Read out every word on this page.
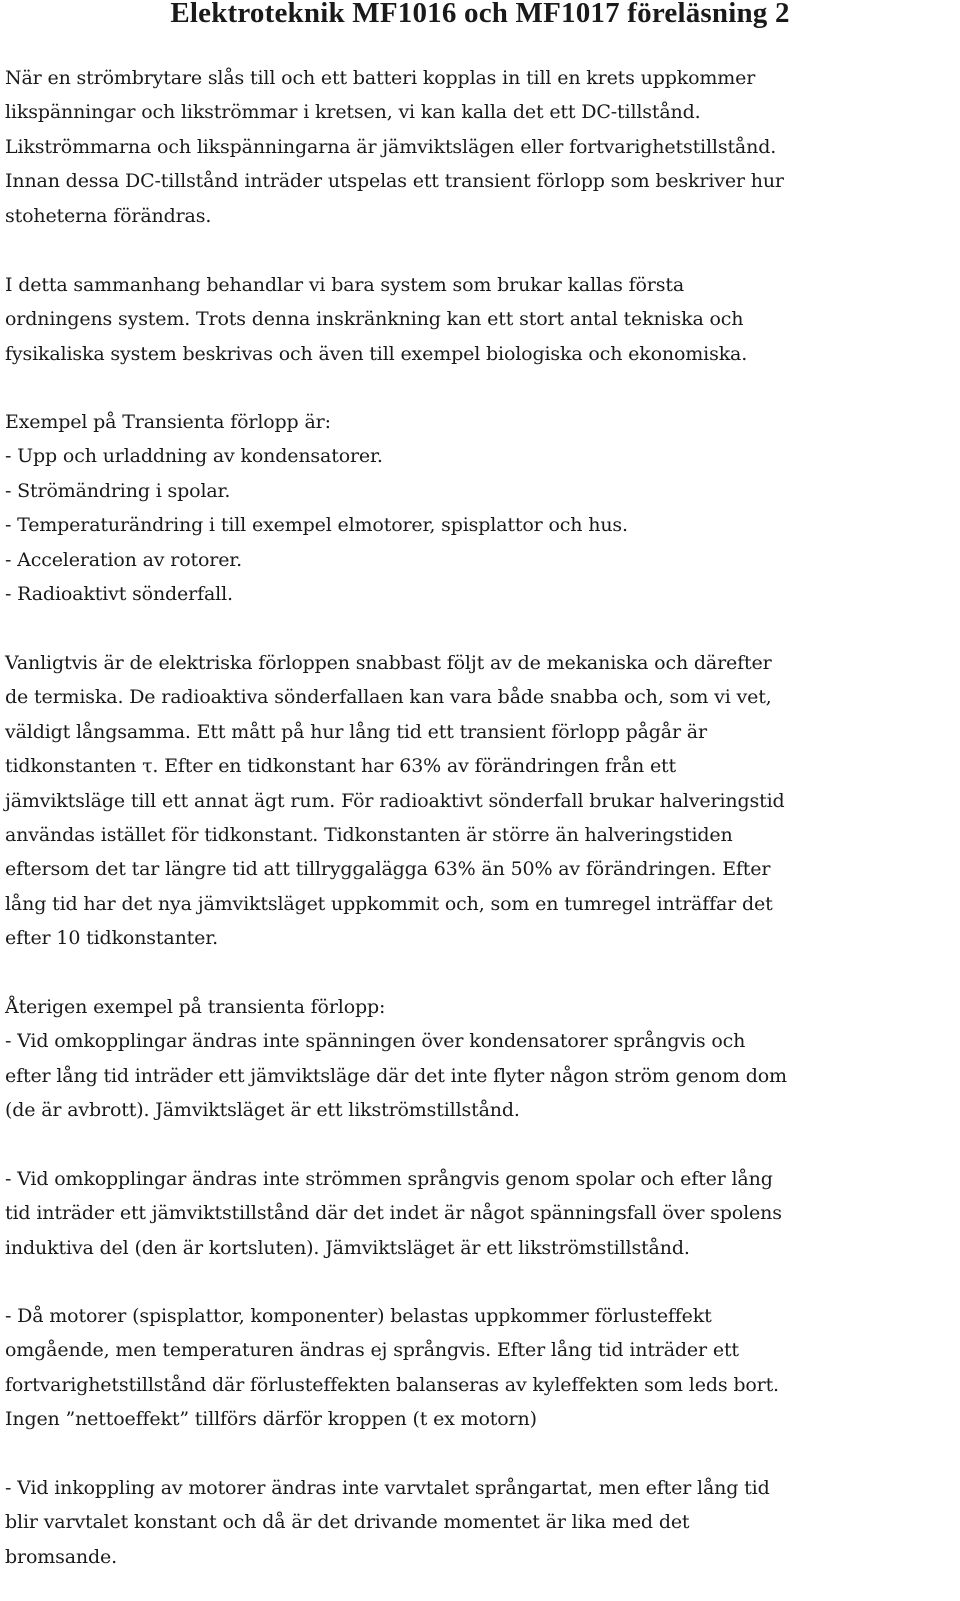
Elektroteknik MF1016 och MF1017 föreläsning 2
När en strömbrytare slås till och ett batteri kopplas in till en krets uppkommer
likspänningar och likströmmar i kretsen, vi kan kalla det ett DC-tillstånd.
Likströmmarna och likspänningarna är jämviktslägen eller fortvarighetstillstånd.
Innan dessa DC-tillstånd inträder utspelas ett transient förlopp som beskriver hur
stoheterna förändras.
I detta sammanhang behandlar vi bara system som brukar kallas första
ordningens system. Trots denna inskränkning kan ett stort antal tekniska och
fysikaliska system beskrivas och även till exempel biologiska och ekonomiska.
Exempel på Transienta förlopp är:
- Upp och urladdning av kondensatorer.
- Strömändring i spolar.
- Temperaturändring i till exempel elmotorer, spisplattor och hus.
- Acceleration av rotorer.
- Radioaktivt sönderfall.
Vanligtvis är de elektriska förloppen snabbast följt av de mekaniska och därefter
de termiska. De radioaktiva sönderfallaen kan vara både snabba och, som vi vet,
väldigt långsamma. Ett mått på hur lång tid ett transient förlopp pågår är
tidkonstanten τ. Efter en tidkonstant har 63% av förändringen från ett
jämviktsläge till ett annat ägt rum. För radioaktivt sönderfall brukar halveringstid
användas istället för tidkonstant. Tidkonstanten är större än halveringstiden
eftersom det tar längre tid att tillryggalägga 63% än 50% av förändringen. Efter
lång tid har det nya jämviktsläget uppkommit och, som en tumregel inträffar det
efter 10 tidkonstanter.
Återigen exempel på transienta förlopp:
- Vid omkopplingar ändras inte spänningen över kondensatorer språngvis och
efter lång tid inträder ett jämviktsläge där det inte flyter någon ström genom dom
(de är avbrott). Jämviktsläget är ett likströmstillstånd.
- Vid omkopplingar ändras inte strömmen språngvis genom spolar och efter lång
tid inträder ett jämviktstillstånd där det indet är något spänningsfall över spolens
induktiva del (den är kortsluten). Jämviktsläget är ett likströmstillstånd.
- Då motorer (spisplattor, komponenter) belastas uppkommer förlusteffekt
omgående, men temperaturen ändras ej språngvis. Efter lång tid inträder ett
fortvarighetstillstånd där förlusteffekten balanseras av kyleffekten som leds bort.
Ingen ”nettoeffekt” tillförs därför kroppen (t ex motorn)
- Vid inkoppling av motorer ändras inte varvtalet språngartat, men efter lång tid
blir varvtalet konstant och då är det drivande momentet är lika med det
bromsande.
